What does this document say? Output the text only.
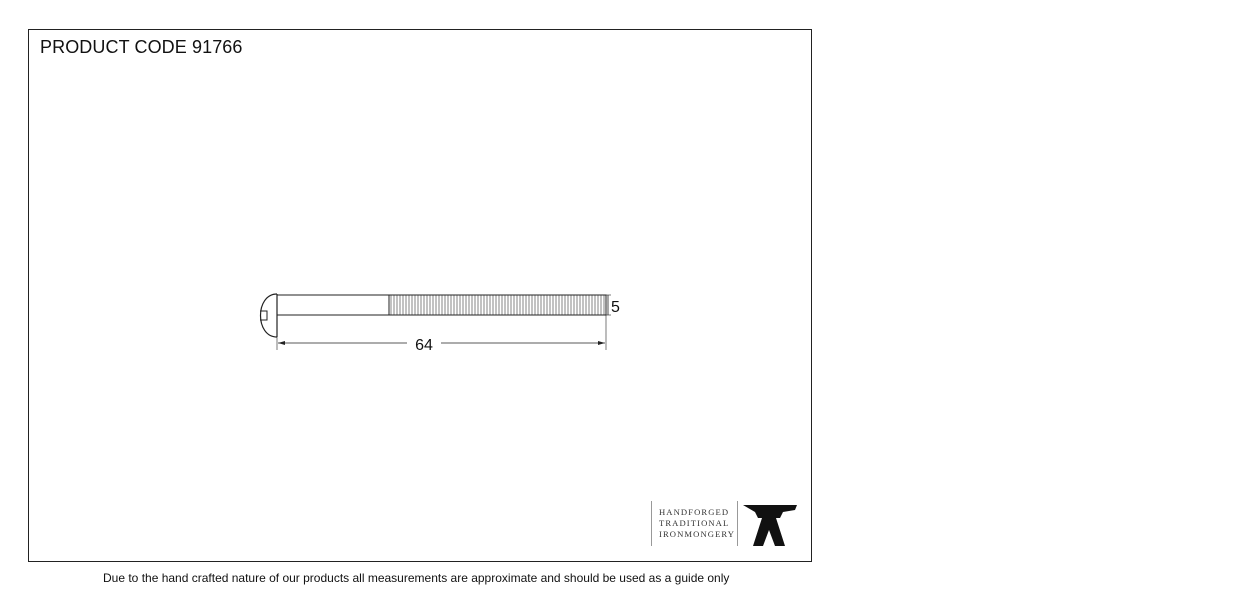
PRODUCT CODE 91766
5
64
HANDFORGED
TRADITIONAL
IRONMONGERY
Due to the hand crafted nature of our products all measurements are approximate and should be used as a guide only
